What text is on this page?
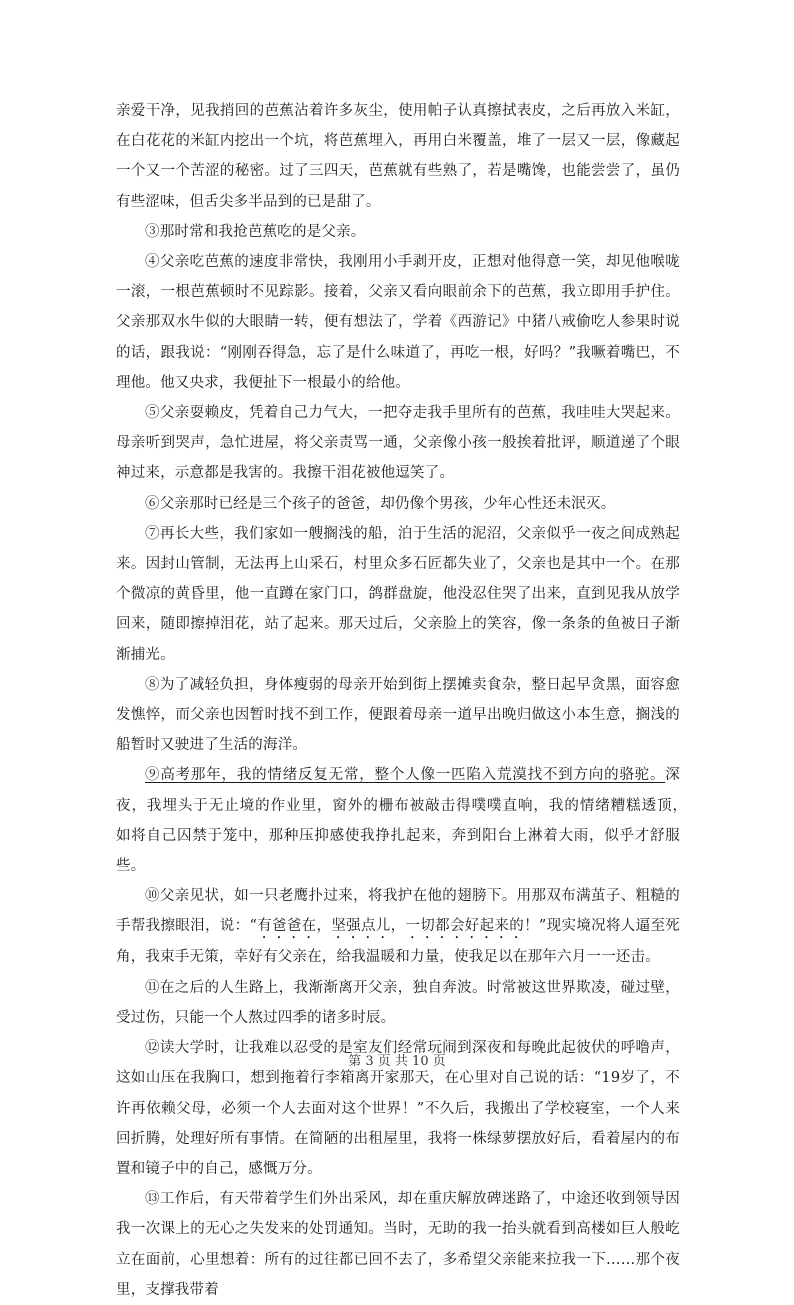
亲爱干净，见我捎回的芭蕉沾着许多灰尘，使用帕子认真擦拭表皮，之后再放入米缸，在白花花的米缸内挖出一个坑，将芭蕉埋入，再用白米覆盖，堆了一层又一层，像藏起一个又一个苦涩的秘密。过了三四天，芭蕉就有些熟了，若是嘴馋，也能尝尝了，虽仍有些涩味，但舌尖多半品到的已是甜了。

③那时常和我抢芭蕉吃的是父亲。

④父亲吃芭蕉的速度非常快，我刚用小手剥开皮，正想对他得意一笑，却见他喉咙一滚，一根芭蕉顿时不见踪影。接着，父亲又看向眼前余下的芭蕉，我立即用手护住。父亲那双水牛似的大眼睛一转，便有想法了，学着《西游记》中猪八戒偷吃人参果时说的话，跟我说：“刚刚吞得急，忘了是什么味道了，再吃一根，好吗？”我噘着嘴巴，不理他。他又央求，我便扯下一根最小的给他。

⑤父亲耍赖皮，凭着自己力气大，一把夺走我手里所有的芭蕉，我哇哇大哭起来。母亲听到哭声，急忙进屋，将父亲责骂一通，父亲像小孩一般挨着批评，顺道递了个眼神过来，示意都是我害的。我擦干泪花被他逗笑了。

⑥父亲那时已经是三个孩子的爸爸，却仍像个男孩，少年心性还未泯灭。

⑦再长大些，我们家如一艘搁浅的船，泊于生活的泥沼，父亲似乎一夜之间成熟起来。因封山管制，无法再上山采石，村里众多石匠都失业了，父亲也是其中一个。在那个微凉的黄昏里，他一直蹲在家门口，鸽群盘旋，他没忍住哭了出来，直到见我从放学回来，随即擦掉泪花，站了起来。那天过后，父亲脸上的笑容，像一条条的鱼被日子渐渐捕光。

⑧为了减轻负担，身体瘦弱的母亲开始到街上摆摊卖食杂，整日起早贪黑，面容愈发憔悴，而父亲也因暂时找不到工作，便跟着母亲一道早出晚归做这小本生意，搁浅的船暂时又驶进了生活的海洋。

⑨高考那年，我的情绪反复无常，整个人像一匹陷入荒漠找不到方向的骆驼。深夜，我埋头于无止境的作业里，窗外的栅布被敲击得噗噗直响，我的情绪糟糕透顶，　如将自己囚禁于笼中，那种压抑感使我挣扎起来，奔到阳台上淋着大雨，似乎才舒服些。

⑩父亲见状，如一只老鹰扑过来，将我护在他的翅膀下。用那双布满茧子、粗糙的手帮我擦眼泪，说：“有爸爸在，坚强点儿，一切都会好起来的！”现实境况将人逼至死角，我束手无策，幸好有父亲在，给我温暖和力量，使我足以在那年六月一一还击。

⑪在之后的人生路上，我渐渐离开父亲，独自奔波。时常被这世界欺凌，碰过壁，受过伤，只能一个人熬过四季的诸多时辰。

⑫读大学时，让我难以忍受的是室友们经常玩闹到深夜和每晚此起彼伏的呼噜声，这如山压在我胸口，想到拖着行李箱离开家那天，在心里对自己说的话：“19岁了，不许再依赖父母，必须一个人去面对这个世界！”不久后，我搬出了学校寝室，一个人来回折腾，处理好所有事情。在简陋的出租屋里，我将一株绿萝摆放好后，看着屋内的布置和镜子中的自己，感慨万分。

⑬工作后，有天带着学生们外出采风，却在重庆解放碑迷路了，中途还收到领导因我一次课上的无心之失发来的处罚通知。当时，无助的我一抬头就看到高楼如巨人般屹立在面前，心里想着：所有的过往都已回不去了，多希望父亲能来拉我一下……那个夜里，支撑我带着

第 3 页 共 10 页
